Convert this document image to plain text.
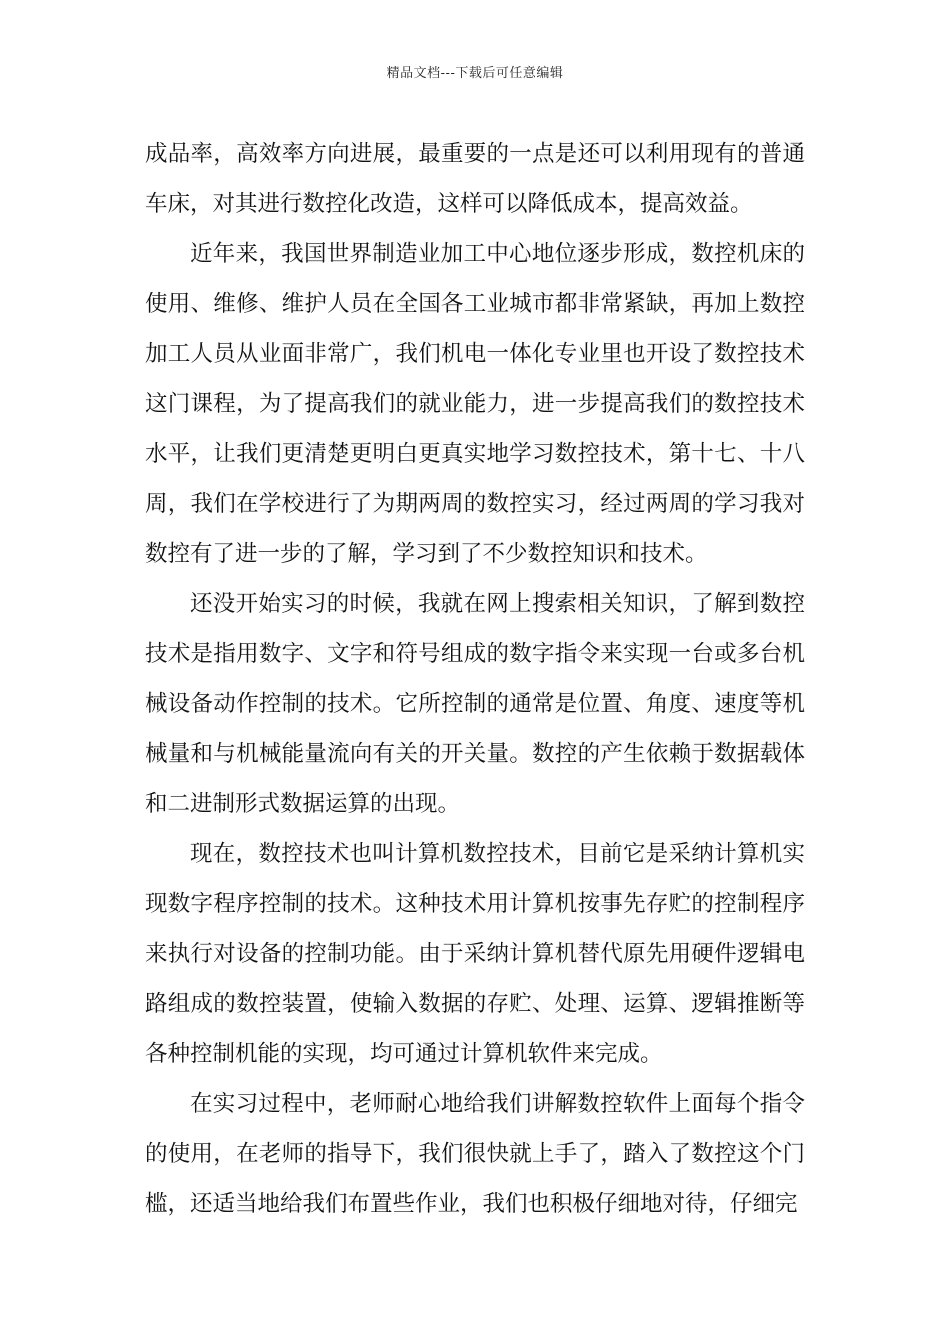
精品文档---下载后可任意编辑

成品率，高效率方向进展，最重要的一点是还可以利用现有的普通车床，对其进行数控化改造，这样可以降低成本，提高效益。

近年来，我国世界制造业加工中心地位逐步形成，数控机床的使用、维修、维护人员在全国各工业城市都非常紧缺，再加上数控加工人员从业面非常广，我们机电一体化专业里也开设了数控技术这门课程，为了提高我们的就业能力，进一步提高我们的数控技术水平，让我们更清楚更明白更真实地学习数控技术，第十七、十八周，我们在学校进行了为期两周的数控实习，经过两周的学习我对数控有了进一步的了解，学习到了不少数控知识和技术。

还没开始实习的时候，我就在网上搜索相关知识，了解到数控技术是指用数字、文字和符号组成的数字指令来实现一台或多台机械设备动作控制的技术。它所控制的通常是位置、角度、速度等机械量和与机械能量流向有关的开关量。数控的产生依赖于数据载体和二进制形式数据运算的出现。

现在，数控技术也叫计算机数控技术，目前它是采纳计算机实现数字程序控制的技术。这种技术用计算机按事先存贮的控制程序来执行对设备的控制功能。由于采纳计算机替代原先用硬件逻辑电路组成的数控装置，使输入数据的存贮、处理、运算、逻辑推断等各种控制机能的实现，均可通过计算机软件来完成。

在实习过程中，老师耐心地给我们讲解数控软件上面每个指令的使用，在老师的指导下，我们很快就上手了，踏入了数控这个门槛，还适当地给我们布置些作业，我们也积极仔细地对待，仔细完
